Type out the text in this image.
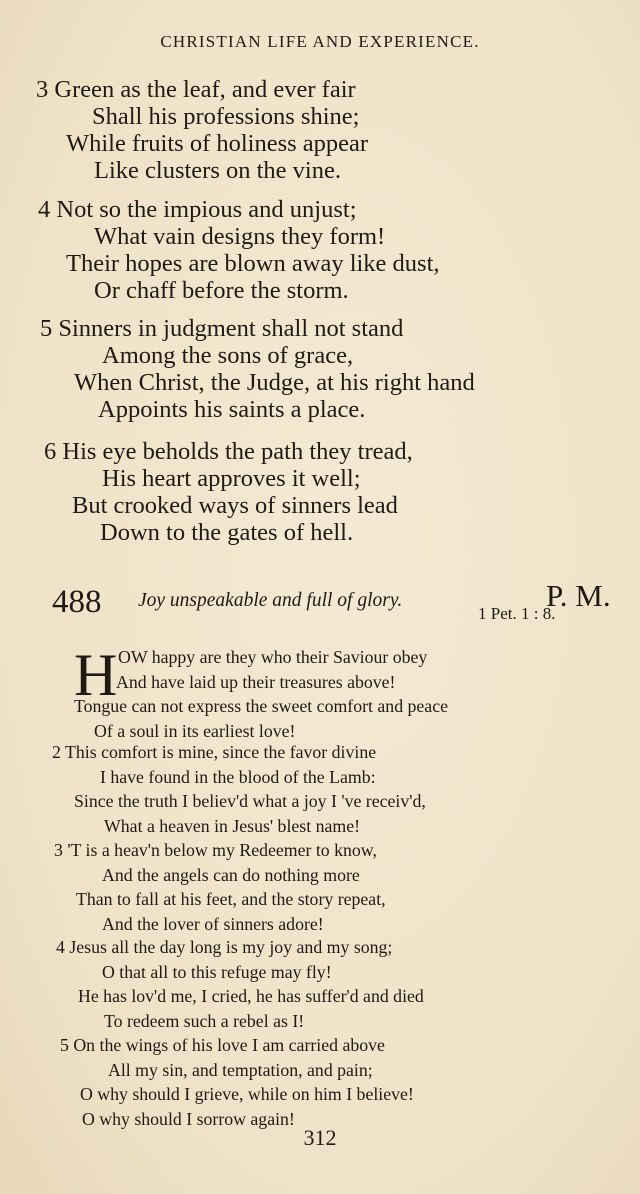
CHRISTIAN LIFE AND EXPERIENCE.
3 Green as the leaf, and ever fair
Shall his professions shine;
While fruits of holiness appear
Like clusters on the vine.
4 Not so the impious and unjust;
What vain designs they form!
Their hopes are blown away like dust,
Or chaff before the storm.
5 Sinners in judgment shall not stand
Among the sons of grace,
When Christ, the Judge, at his right hand
Appoints his saints a place.
6 His eye beholds the path they tread,
His heart approves it well;
But crooked ways of sinners lead
Down to the gates of hell.
488 Joy unspeakable and full of glory.	P. M.
1 Pet. 1 : 8.
H OW happy are they who their Saviour obey
And have laid up their treasures above!
Tongue can not express the sweet comfort and peace
Of a soul in its earliest love!
2 This comfort is mine, since the favor divine
I have found in the blood of the Lamb:
Since the truth I believ'd what a joy I 've receiv'd,
What a heaven in Jesus' blest name!
3 'T is a heav'n below my Redeemer to know,
And the angels can do nothing more
Than to fall at his feet, and the story repeat,
And the lover of sinners adore!
4 Jesus all the day long is my joy and my song;
O that all to this refuge may fly!
He has lov'd me, I cried, he has suffer'd and died
To redeem such a rebel as I!
5 On the wings of his love I am carried above
All my sin, and temptation, and pain;
O why should I grieve, while on him I believe!
O why should I sorrow again!
312
